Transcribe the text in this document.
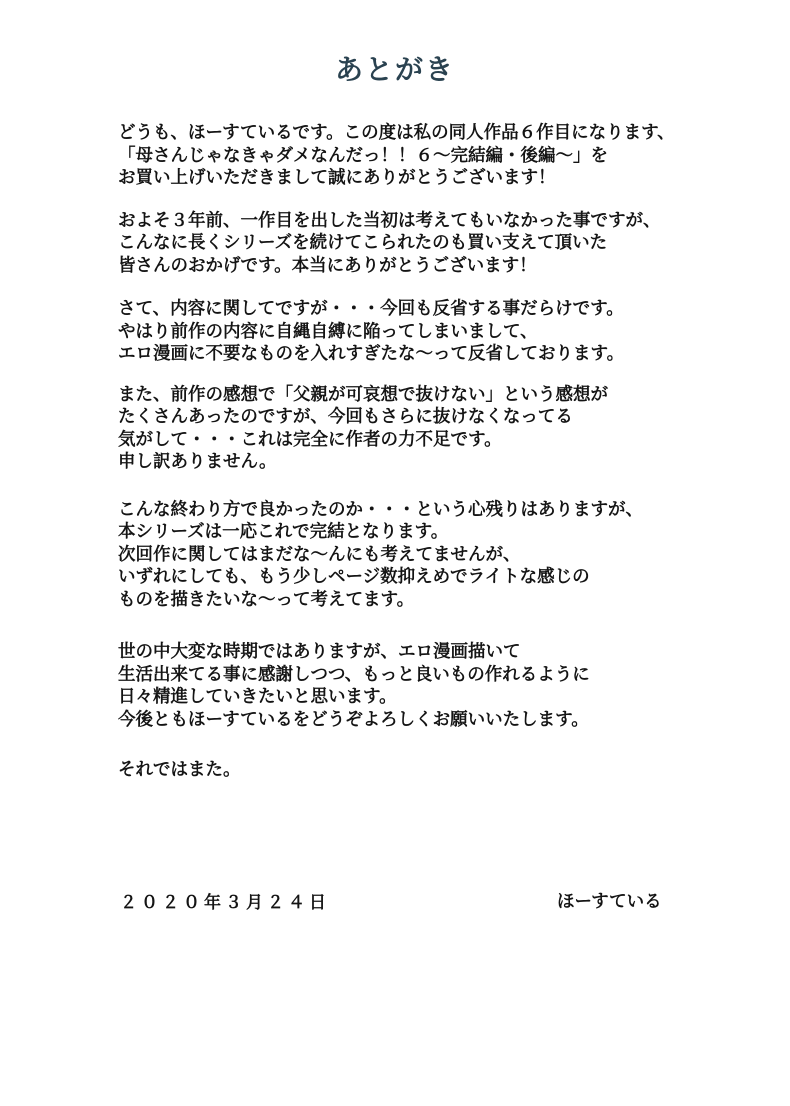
あとがき

どうも、ほーすているです。この度は私の同人作品６作目になります、
「母さんじゃなきゃダメなんだっ！！６〜完結編・後編〜」を
お買い上げいただきまして誠にありがとうございます！

およそ３年前、一作目を出した当初は考えてもいなかった事ですが、
こんなに長くシリーズを続けてこられたのも買い支えて頂いた
皆さんのおかげです。本当にありがとうございます！

さて、内容に関してですが・・・今回も反省する事だらけです。
やはり前作の内容に自縄自縛に陥ってしまいまして、
エロ漫画に不要なものを入れすぎたな〜って反省しております。

また、前作の感想で「父親が可哀想で抜けない」という感想が
たくさんあったのですが、今回もさらに抜けなくなってる
気がして・・・これは完全に作者の力不足です。
申し訳ありません。

こんな終わり方で良かったのか・・・という心残りはありますが、
本シリーズは一応これで完結となります。
次回作に関してはまだな〜んにも考えてませんが、
いずれにしても、もう少しページ数抑えめでライトな感じの
ものを描きたいな〜って考えてます。

世の中大変な時期ではありますが、エロ漫画描いて
生活出来てる事に感謝しつつ、もっと良いもの作れるように
日々精進していきたいと思います。
今後ともほーすているをどうぞよろしくお願いいたします。

それではまた。

２０２０年３月２４日	ほーすている
